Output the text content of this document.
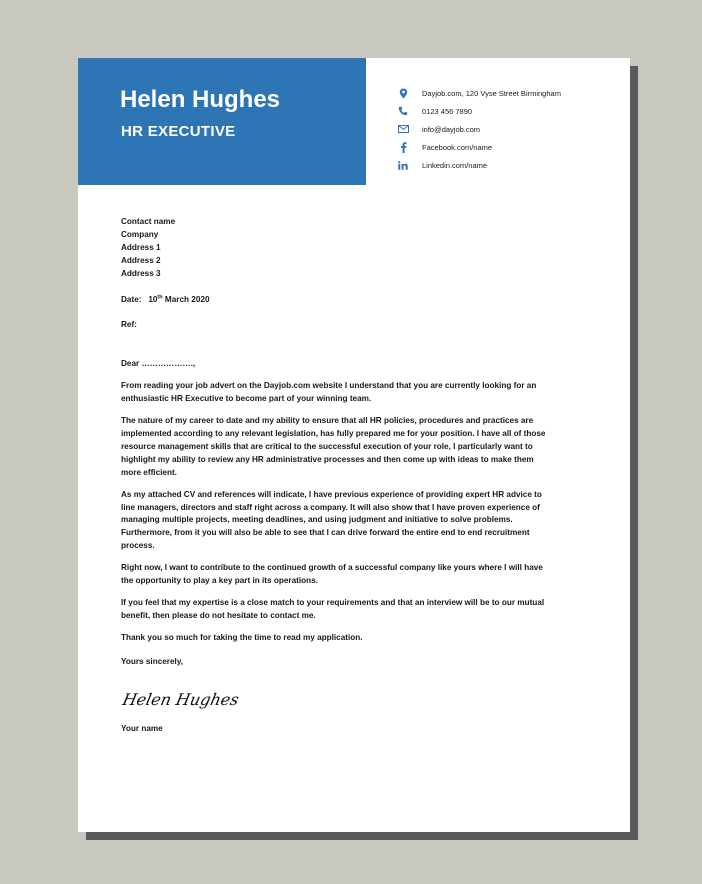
Helen Hughes
HR EXECUTIVE
Dayjob.com, 120 Vyse Street Birmingham
0123 456 7890
info@dayjob.com
Facebook.com/name
Linkedin.com/name
Contact name
Company
Address 1
Address 2
Address 3
Date: 10th March 2020
Ref:
Dear ……………….,
From reading your job advert on the Dayjob.com website I understand that you are currently looking for an enthusiastic HR Executive to become part of your winning team.
The nature of my career to date and my ability to ensure that all HR policies, procedures and practices are implemented according to any relevant legislation, has fully prepared me for your position. I have all of those resource management skills that are critical to the successful execution of your role, I particularly want to highlight my ability to review any HR administrative processes and then come up with ideas to make them more efficient.
As my attached CV and references will indicate, I have previous experience of providing expert HR advice to line managers, directors and staff right across a company. It will also show that I have proven experience of managing multiple projects, meeting deadlines, and using judgment and initiative to solve problems. Furthermore, from it you will also be able to see that I can drive forward the entire end to end recruitment process.
Right now, I want to contribute to the continued growth of a successful company like yours where I will have the opportunity to play a key part in its operations.
If you feel that my expertise is a close match to your requirements and that an interview will be to our mutual benefit, then please do not hesitate to contact me.
Thank you so much for taking the time to read my application.
Yours sincerely,
Helen Hughes
Your name
